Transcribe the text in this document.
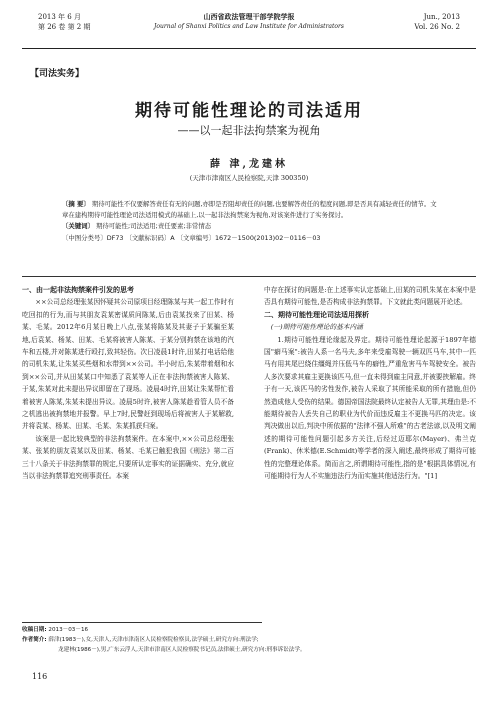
2013 年 6 月
第 26 卷 第 2 期
山西省政法管理干部学院学报
Journal of Shanxi Politics and Law Institute for Administrators
Jun., 2013
Vol. 26 No. 2
【司法实务】
期待可能性理论的司法适用
——以一起非法拘禁案为视角
薛 津,龙建林
(天津市津南区人民检察院,天津 300350)

〔摘 要〕 期待可能性不仅要解答责任有无的问题,亦即是否阻却责任的问题,也要解答责任的程度问题,即是否具有减轻责任的情节。文章在建构期待可能性理论司法适用模式的基础上,以一起非法拘禁案为视角,对该案件进行了实务探讨。

〔关键词〕 期待可能性;司法适用;责任要素;非常情态

〔中图分类号〕DF73 〔文献标识码〕A 〔文章编号〕1672－1500(2013)02－0116－03

一、由一起非法拘禁案件引发的思考

××公司总经理张某因怀疑其公司原项目经理陈某与其一起工作时有吃回扣的行为,而与其朋友袁某密谋质问陈某,后由袁某找来了田某、杨某、毛某。2012年6月某日晚上八点,张某将陈某及其妻子于某骗至某地,后袁某、杨某、田某、毛某将被害人陈某、于某分别拘禁在该地的汽车和五楼,并对陈某进行殴打,致其轻伤。次日凌晨1时许,田某打电话给他的司机朱某,让朱某买些烟和水带到××公司。半小时后,朱某带着烟和水到××公司,并从田某某口中知悉了袁某等人正在非法拘禁被害人陈某、于某,朱某对此未提出异议即留在了现场。凌晨4时许,田某让朱某帮忙看着被害人陈某,朱某未提出异议。凌晨5时许,被害人陈某趁看管人员不备之机逃出被拘禁地并报警。早上7时,民警赶到现场后将被害人于某解救,并将袁某、杨某、田某、毛某、朱某抓获归案。

该案是一起比较典型的非法拘禁案件。在本案中,××公司总经理张某、张某的朋友袁某以及田某、杨某、毛某已触犯我国《刑法》第二百三十八条关于非法拘禁罪的规定,只要所认定事实的证据确实、充分,就应当以非法拘禁罪追究刑事责任。本案

中存在探讨的问题是:在上述事实认定基础上,田某的司机朱某在本案中是否具有期待可能性,是否构成非法拘禁罪。下文就此类问题展开论述。

二、期待可能性理论司法适用探析
(一)期待可能性理论的基本内涵

1.期待可能性理论缘起及界定。期待可能性理论起源于1897年德国"癖马案":被告人系一名马夫,多年来受雇驾驶一辆双匹马车,其中一匹马有用其尾巴绕住缰绳并压低马车的癖性,严重危害马车驾驶安全。被告人多次要求其雇主更换该匹马,但一直未得到雇主同意,并被要挟解雇。终于有一天,该匹马的劣性发作,被告人采取了其所能采取的所有措施,但仍然造成他人受伤的结果。德国帝国法院最终认定被告人无罪,其理由是:不能期待被告人丢失自己的职业为代价而违反雇主不更换马匹的决定。该判决做出以后,判决中所依据的"法律不强人所难"的古老法谚,以及明文阐述的期待可能性问题引起多方关注,后经过迈耶尔(Mayer)、弗兰克(Frank)、休米德(E.Schmidt)等学者的深入阐述,最终形成了期待可能性的完整理论体系。简而言之,所谓期待可能性,指的是"根据具体情况,有可能期待行为人不实施违法行为而实施其他适法行为。"[1]

收稿日期: 2013－03－16

作者简介: 薛津(1983－),女,天津人,天津市津南区人民检察院检察员,法学硕士,研究方向:刑法学;

龙建林(1986－),男,广东云浮人,天津市津南区人民检察院书记员,法律硕士,研究方向:刑事诉讼法学。

116
